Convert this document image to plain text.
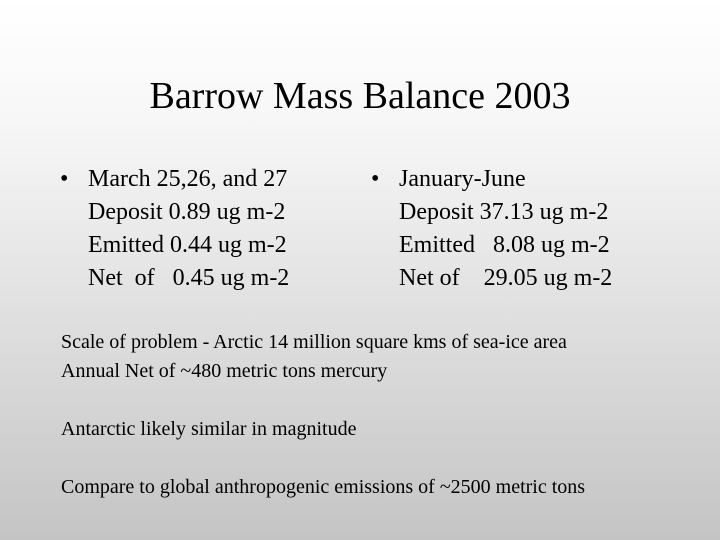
Barrow Mass Balance 2003
• March 25,26, and 27
Deposit 0.89 ug m-2
Emitted 0.44 ug m-2
Net  of   0.45 ug m-2
• January-June
Deposit 37.13 ug m-2
Emitted   8.08 ug m-2
Net of    29.05 ug m-2
Scale of problem - Arctic 14 million square kms of sea-ice area
Annual Net of ~480 metric tons mercury
Antarctic likely similar in magnitude
Compare to global anthropogenic emissions of ~2500 metric tons
